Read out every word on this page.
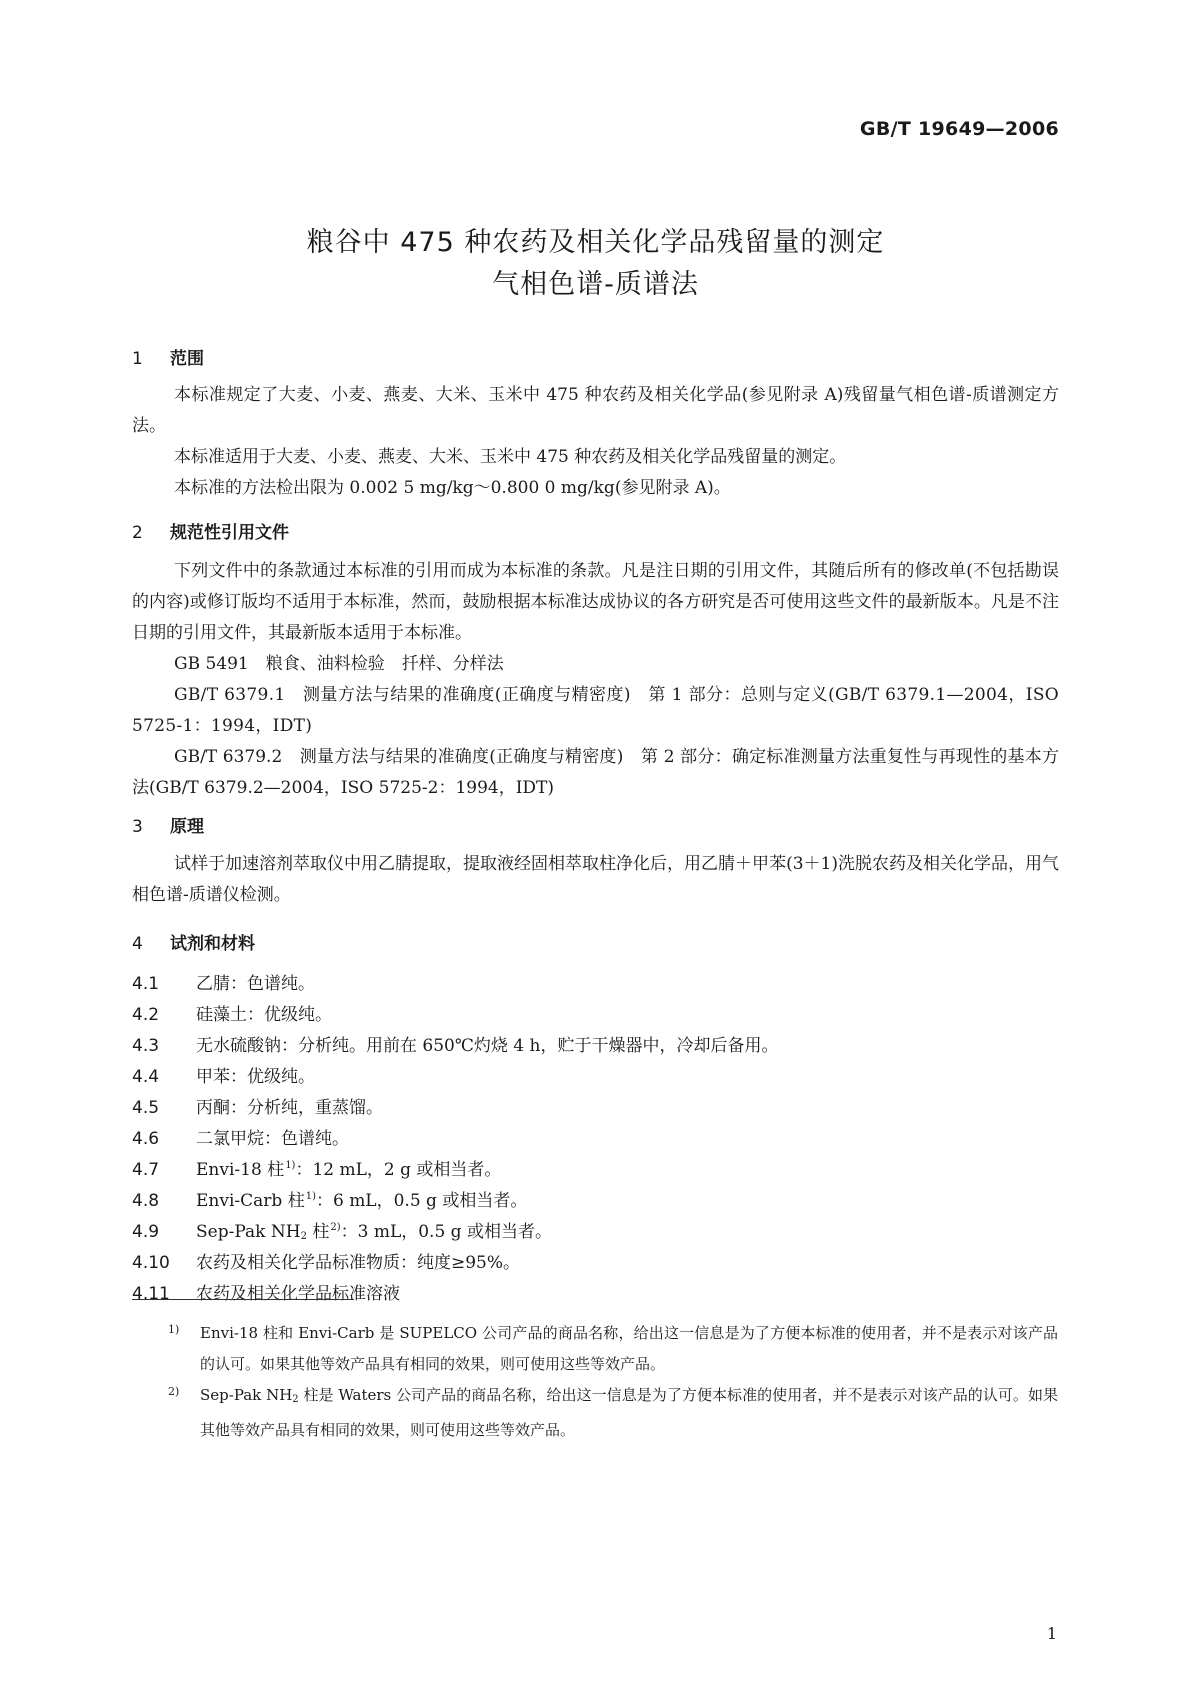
GB/T 19649—2006
粮谷中 475 种农药及相关化学品残留量的测定
气相色谱-质谱法
1 范围
本标准规定了大麦、小麦、燕麦、大米、玉米中 475 种农药及相关化学品(参见附录 A)残留量气相色谱-质谱测定方法。
本标准适用于大麦、小麦、燕麦、大米、玉米中 475 种农药及相关化学品残留量的测定。
本标准的方法检出限为 0.002 5 mg/kg～0.800 0 mg/kg(参见附录 A)。
2 规范性引用文件
下列文件中的条款通过本标准的引用而成为本标准的条款。凡是注日期的引用文件，其随后所有的修改单(不包括勘误的内容)或修订版均不适用于本标准，然而，鼓励根据本标准达成协议的各方研究是否可使用这些文件的最新版本。凡是不注日期的引用文件，其最新版本适用于本标准。
GB 5491　粮食、油料检验　扦样、分样法
GB/T 6379.1　测量方法与结果的准确度(正确度与精密度)　第 1 部分：总则与定义(GB/T 6379.1—2004，ISO 5725-1：1994，IDT)
GB/T 6379.2　测量方法与结果的准确度(正确度与精密度)　第 2 部分：确定标准测量方法重复性与再现性的基本方法(GB/T 6379.2—2004，ISO 5725-2：1994，IDT)
3 原理
试样于加速溶剂萃取仪中用乙腈提取，提取液经固相萃取柱净化后，用乙腈＋甲苯(3＋1)洗脱农药及相关化学品，用气相色谱-质谱仪检测。
4 试剂和材料
4.1 乙腈：色谱纯。
4.2 硅藻土：优级纯。
4.3 无水硫酸钠：分析纯。用前在 650℃灼烧 4 h，贮于干燥器中，冷却后备用。
4.4 甲苯：优级纯。
4.5 丙酮：分析纯，重蒸馏。
4.6 二氯甲烷：色谱纯。
4.7 Envi-18 柱$^{1)}$：12 mL，2 g 或相当者。
4.8 Envi-Carb 柱$^{1)}$：6 mL，0.5 g 或相当者。
4.9 Sep-Pak $NH_2$ 柱$^{2)}$：3 mL，0.5 g 或相当者。
4.10 农药及相关化学品标准物质：纯度≥95%。
4.11 农药及相关化学品标准溶液
1) Envi-18 柱和 Envi-Carb 是 SUPELCO 公司产品的商品名称，给出这一信息是为了方便本标准的使用者，并不是表示对该产品的认可。如果其他等效产品具有相同的效果，则可使用这些等效产品。
2) Sep-Pak $NH_2$ 柱是 Waters 公司产品的商品名称，给出这一信息是为了方便本标准的使用者，并不是表示对该产品的认可。如果其他等效产品具有相同的效果，则可使用这些等效产品。
1
